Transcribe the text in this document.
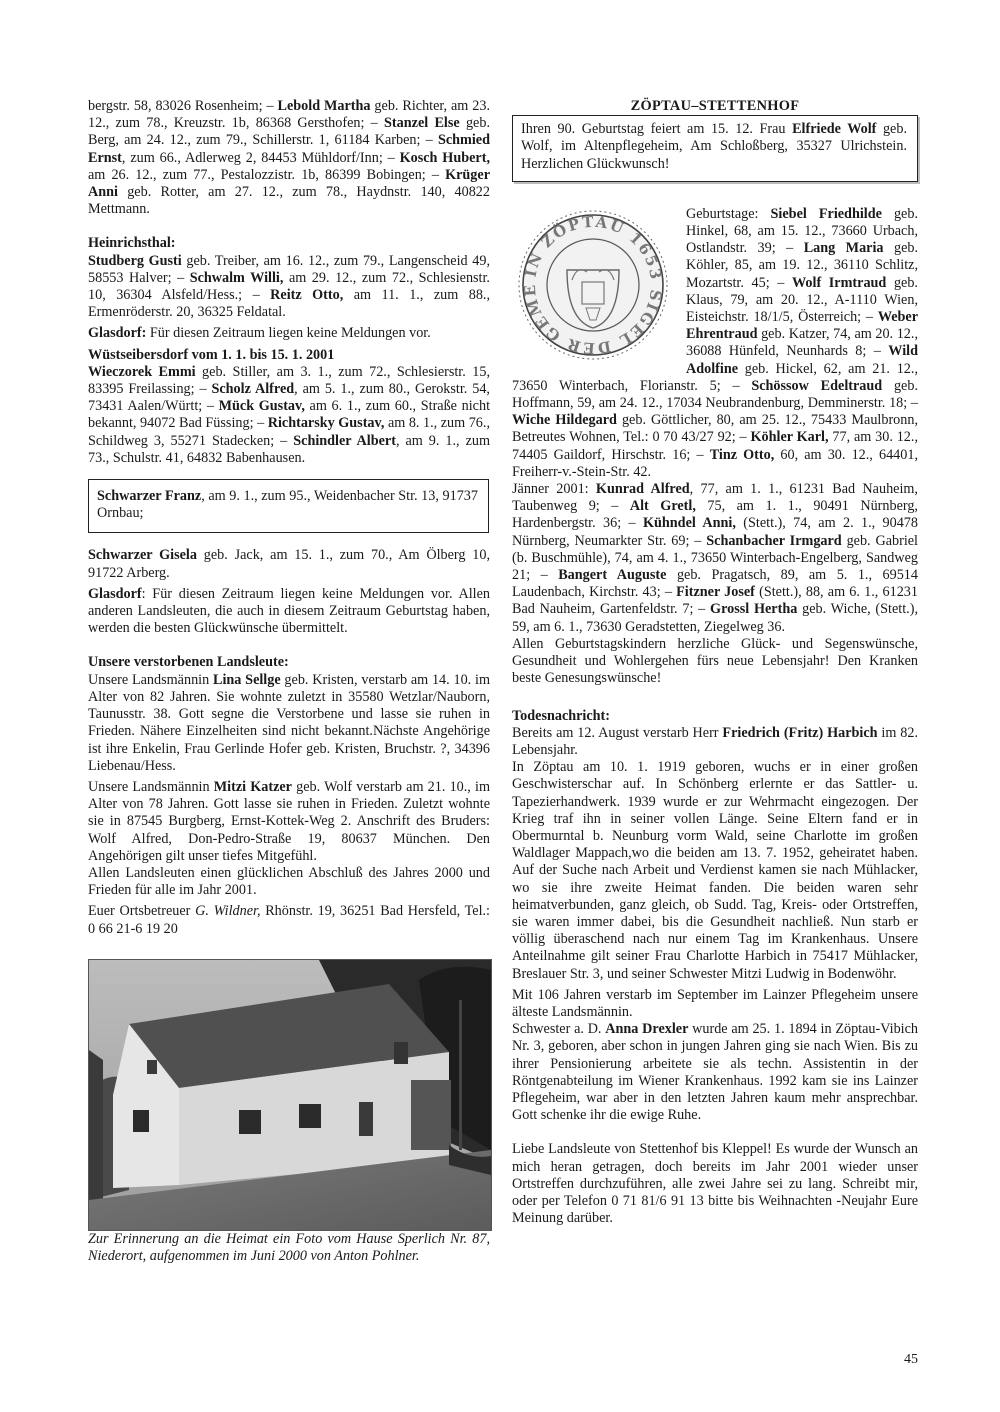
bergstr. 58, 83026 Rosenheim; – Lebold Martha geb. Richter, am 23. 12., zum 78., Kreuzstr. 1b, 86368 Gersthofen; – Stanzel Else geb. Berg, am 24. 12., zum 79., Schillerstr. 1, 61184 Karben; – Schmied Ernst, zum 66., Adlerweg 2, 84453 Mühldorf/Inn; – Kosch Hubert, am 26. 12., zum 77., Pestalozzistr. 1b, 86399 Bobingen; – Krüger Anni geb. Rotter, am 27. 12., zum 78., Haydnstr. 140, 40822 Mettmann.

Heinrichsthal:

Studberg Gusti geb. Treiber, am 16. 12., zum 79., Langenscheid 49, 58553 Halver; – Schwalm Willi, am 29. 12., zum 72., Schlesienstr. 10, 36304 Alsfeld/Hess.; – Reitz Otto, am 11. 1., zum 88., Ermenröderstr. 20, 36325 Feldatal.

Glasdorf: Für diesen Zeitraum liegen keine Meldungen vor.

Wüstseibersdorf vom 1. 1. bis 15. 1. 2001

Wieczorek Emmi geb. Stiller, am 3. 1., zum 72., Schlesierstr. 15, 83395 Freilassing; – Scholz Alfred, am 5. 1., zum 80., Gerokstr. 54, 73431 Aalen/Württ; – Mück Gustav, am 6. 1., zum 60., Straße nicht bekannt, 94072 Bad Füssing; – Richtarsky Gustav, am 8. 1., zum 76., Schildweg 3, 55271 Stadecken; – Schindler Albert, am 9. 1., zum 73., Schulstr. 41, 64832 Babenhausen.

Schwarzer Franz, am 9. 1., zum 95., Weidenbacher Str. 13, 91737 Ornbau;

Schwarzer Gisela geb. Jack, am 15. 1., zum 70., Am Ölberg 10, 91722 Arberg.

Glasdorf: Für diesen Zeitraum liegen keine Meldungen vor. Allen anderen Landsleuten, die auch in diesem Zeitraum Geburtstag haben, werden die besten Glückwünsche übermittelt.

Unsere verstorbenen Landsleute:

Unsere Landsmännin Lina Sellge geb. Kristen, verstarb am 14. 10. im Alter von 82 Jahren. Sie wohnte zuletzt in 35580 Wetzlar/Nauborn, Taunusstr. 38. Gott segne die Verstorbene und lasse sie ruhen in Frieden. Nähere Einzelheiten sind nicht bekannt.Nächste Angehörige ist ihre Enkelin, Frau Gerlinde Hofer geb. Kristen, Bruchstr. ?, 34396 Liebenau/Hess.

Unsere Landsmännin Mitzi Katzer geb. Wolf verstarb am 21. 10., im Alter von 78 Jahren. Gott lasse sie ruhen in Frieden. Zuletzt wohnte sie in 87545 Burgberg, Ernst-Kottek-Weg 2. Anschrift des Bruders: Wolf Alfred, Don-Pedro-Straße 19, 80637 München. Den Angehörigen gilt unser tiefes Mitgefühl.

Allen Landsleuten einen glücklichen Abschluß des Jahres 2000 und Frieden für alle im Jahr 2001.

Euer Ortsbetreuer G. Wildner, Rhönstr. 19, 36251 Bad Hersfeld, Tel.: 0 66 21-6 19 20

Zur Erinnerung an die Heimat ein Foto vom Hause Sperlich Nr. 87, Niederort, aufgenommen im Juni 2000 von Anton Pohlner.

ZÖPTAU–STETTENHOF

Ihren 90. Geburtstag feiert am 15. 12. Frau Elfriede Wolf geb. Wolf, im Altenpflegeheim, Am Schloßberg, 35327 Ulrichstein. Herzlichen Glückwunsch!

IN ZÖPTAU 1653 SIGEL DER GEME

Geburtstage: Siebel Friedhilde geb. Hinkel, 68, am 15. 12., 73660 Urbach, Ostlandstr. 39; – Lang Maria geb. Köhler, 85, am 19. 12., 36110 Schlitz, Mozartstr. 45; – Wolf Irmtraud geb. Klaus, 79, am 20. 12., A-1110 Wien, Eisteichstr. 18/1/5, Österreich; – Weber Ehrentraud geb. Katzer, 74, am 20. 12., 36088 Hünfeld, Neunhards 8; – Wild Adolfine geb. Hickel, 62, am 21. 12., 73650 Winterbach, Florianstr. 5; – Schössow Edeltraud geb. Hoffmann, 59, am 24. 12., 17034 Neubrandenburg, Demminerstr. 18; – Wiche Hildegard geb. Göttlicher, 80, am 25. 12., 75433 Maulbronn, Betreutes Wohnen, Tel.: 0 70 43/27 92; – Köhler Karl, 77, am 30. 12., 74405 Gaildorf, Hirschstr. 16; – Tinz Otto, 60, am 30. 12., 64401, Freiherr-v.-Stein-Str. 42.

Jänner 2001: Kunrad Alfred, 77, am 1. 1., 61231 Bad Nauheim, Taubenweg 9; – Alt Gretl, 75, am 1. 1., 90491 Nürnberg, Hardenbergstr. 36; – Kühndel Anni, (Stett.), 74, am 2. 1., 90478 Nürnberg, Neumarkter Str. 69; – Schanbacher Irmgard geb. Gabriel (b. Buschmühle), 74, am 4. 1., 73650 Winterbach-Engelberg, Sandweg 21; – Bangert Auguste geb. Pragatsch, 89, am 5. 1., 69514 Laudenbach, Kirchstr. 43; – Fitzner Josef (Stett.), 88, am 6. 1., 61231 Bad Nauheim, Gartenfeldstr. 7; – Grossl Hertha geb. Wiche, (Stett.), 59, am 6. 1., 73630 Geradstetten, Ziegelweg 36.

Allen Geburtstagskindern herzliche Glück- und Segenswünsche, Gesundheit und Wohlergehen fürs neue Lebensjahr! Den Kranken beste Genesungswünsche!

Todesnachricht:

Bereits am 12. August verstarb Herr Friedrich (Fritz) Harbich im 82. Lebensjahr.

In Zöptau am 10. 1. 1919 geboren, wuchs er in einer großen Geschwisterschar auf. In Schönberg erlernte er das Sattler- u. Tapezierhandwerk. 1939 wurde er zur Wehrmacht eingezogen. Der Krieg traf ihn in seiner vollen Länge. Seine Eltern fand er in Obermurntal b. Neunburg vorm Wald, seine Charlotte im großen Waldlager Mappach,wo die beiden am 13. 7. 1952, geheiratet haben. Auf der Suche nach Arbeit und Verdienst kamen sie nach Mühlacker, wo sie ihre zweite Heimat fanden. Die beiden waren sehr heimatverbunden, ganz gleich, ob Sudd. Tag, Kreis- oder Ortstreffen, sie waren immer dabei, bis die Gesundheit nachließ. Nun starb er völlig überaschend nach nur einem Tag im Krankenhaus. Unsere Anteilnahme gilt seiner Frau Charlotte Harbich in 75417 Mühlacker, Breslauer Str. 3, und seiner Schwester Mitzi Ludwig in Bodenwöhr.

Mit 106 Jahren verstarb im September im Lainzer Pflegeheim unsere älteste Landsmännin.

Schwester a. D. Anna Drexler wurde am 25. 1. 1894 in Zöptau-Vibich Nr. 3, geboren, aber schon in jungen Jahren ging sie nach Wien. Bis zu ihrer Pensionierung arbeitete sie als techn. Assistentin in der Röntgenabteilung im Wiener Krankenhaus. 1992 kam sie ins Lainzer Pflegeheim, war aber in den letzten Jahren kaum mehr ansprechbar. Gott schenke ihr die ewige Ruhe.

Liebe Landsleute von Stettenhof bis Kleppel! Es wurde der Wunsch an mich heran getragen, doch bereits im Jahr 2001 wieder unser Ortstreffen durchzuführen, alle zwei Jahre sei zu lang. Schreibt mir, oder per Telefon 0 71 81/6 91 13 bitte bis Weihnachten -Neujahr Eure Meinung darüber.

45
